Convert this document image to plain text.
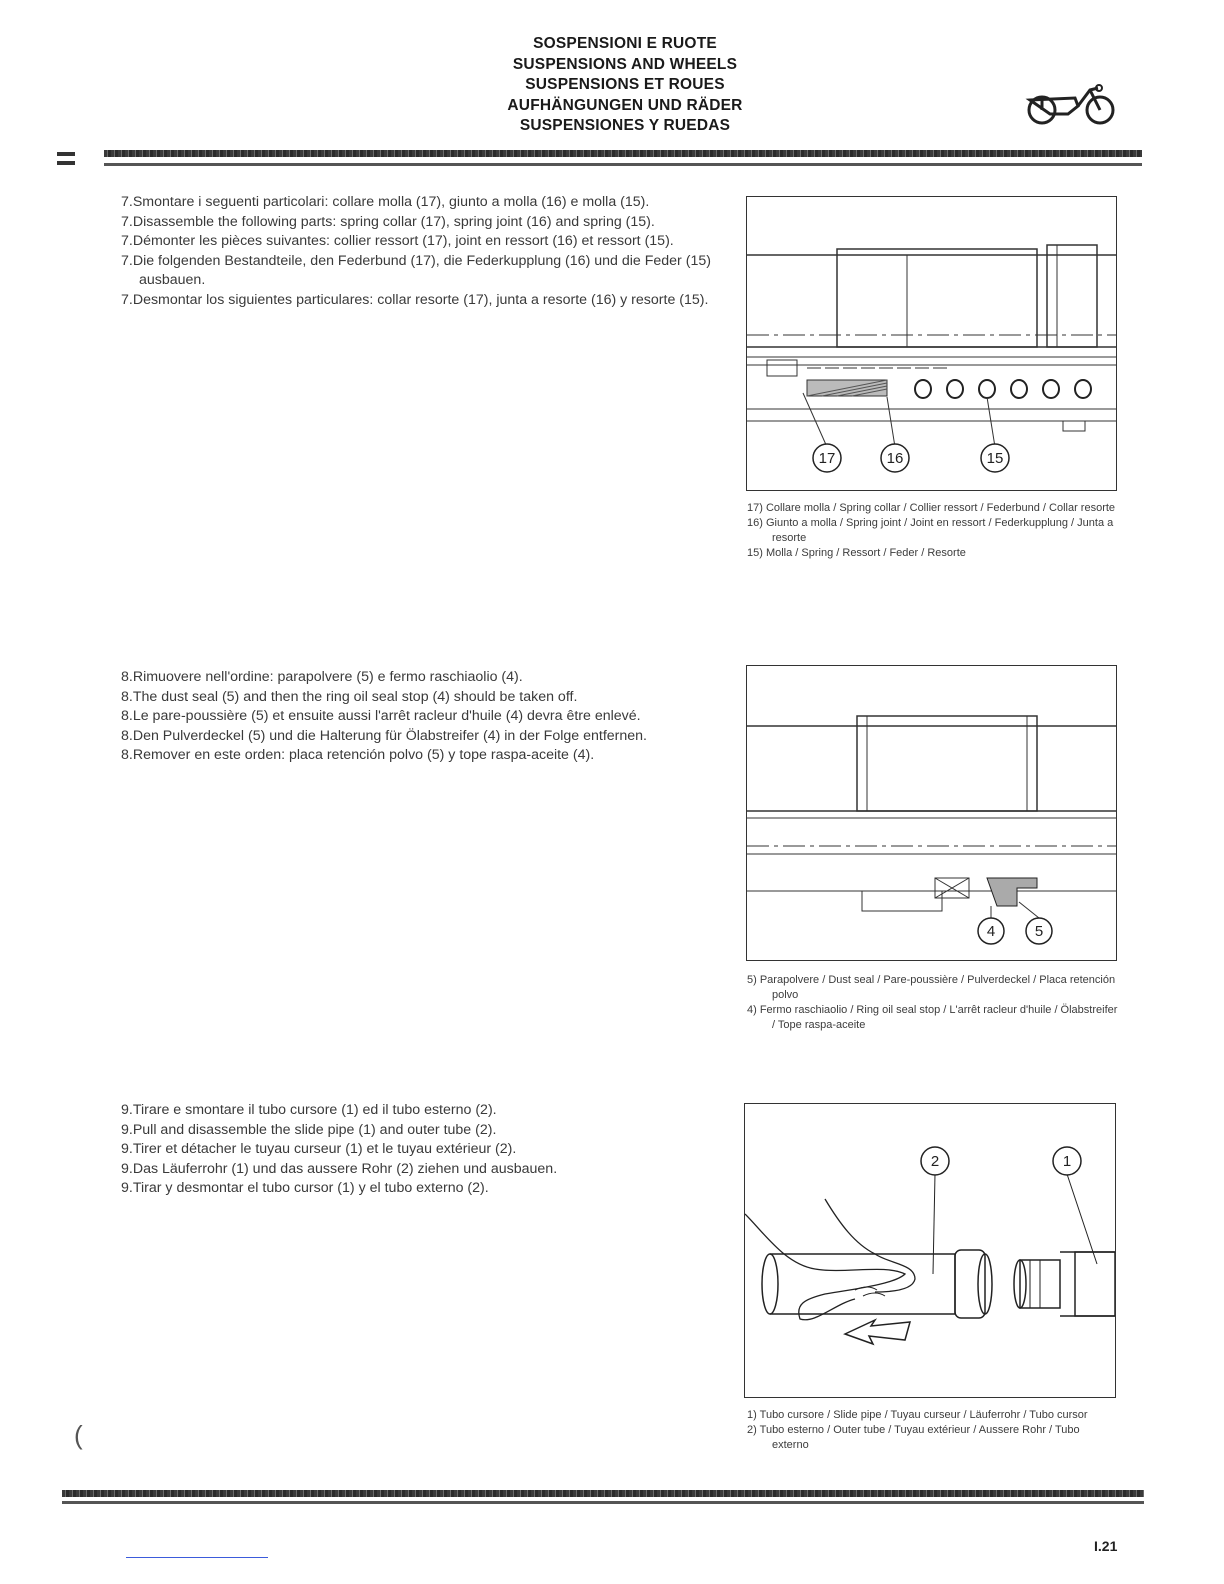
SOSPENSIONI E RUOTE
SUSPENSIONS AND WHEELS
SUSPENSIONS ET ROUES
AUFHÄNGUNGEN UND RÄDER
SUSPENSIONES Y RUEDAS

7.Smontare i seguenti particolari: collare molla (17), giunto a molla (16) e molla (15).

7.Disassemble the following parts: spring collar (17), spring joint (16) and spring (15).

7.Démonter les pièces suivantes: collier ressort (17), joint en ressort (16) et ressort (15).

7.Die folgenden Bestandteile, den Federbund (17), die Federkupplung (16) und die Feder (15) ausbauen.

7.Desmontar los siguientes particulares: collar resorte (17), junta a resorte (16) y resorte (15).

17	16	15

17) Collare molla / Spring collar / Collier ressort / Federbund / Collar resorte

16) Giunto a molla / Spring joint / Joint en ressort / Federkupplung / Junta a resorte

15) Molla / Spring / Ressort / Feder / Resorte

8.Rimuovere nell'ordine: parapolvere (5) e fermo raschiaolio (4).

8.The dust seal (5) and then the ring oil seal stop (4) should be taken off.

8.Le pare-poussière (5) et ensuite aussi l'arrêt racleur d'huile (4) devra être enlevé.

8.Den Pulverdeckel (5) und die Halterung für Ölabstreifer (4) in der Folge entfernen.

8.Remover en este orden: placa retención polvo (5) y tope raspa-aceite (4).

4	5

5) Parapolvere / Dust seal / Pare-poussière / Pulverdeckel / Placa retención polvo

4) Fermo raschiaolio / Ring oil seal stop / L'arrêt racleur d'huile / Ölabstreifer / Tope raspa-aceite

9.Tirare e smontare il tubo cursore (1) ed il tubo esterno (2).

9.Pull and disassemble the slide pipe (1) and outer tube (2).

9.Tirer et détacher le tuyau curseur (1) et le tuyau extérieur (2).

9.Das Läuferrohr (1) und das aussere Rohr (2) ziehen und ausbauen.

9.Tirar y desmontar el tubo cursor (1) y el tubo externo (2).

2	1

1) Tubo cursore / Slide pipe / Tuyau curseur / Läuferrohr / Tubo cursor

2) Tubo esterno / Outer tube / Tuyau extérieur / Aussere Rohr / Tubo externo

(
I.21
